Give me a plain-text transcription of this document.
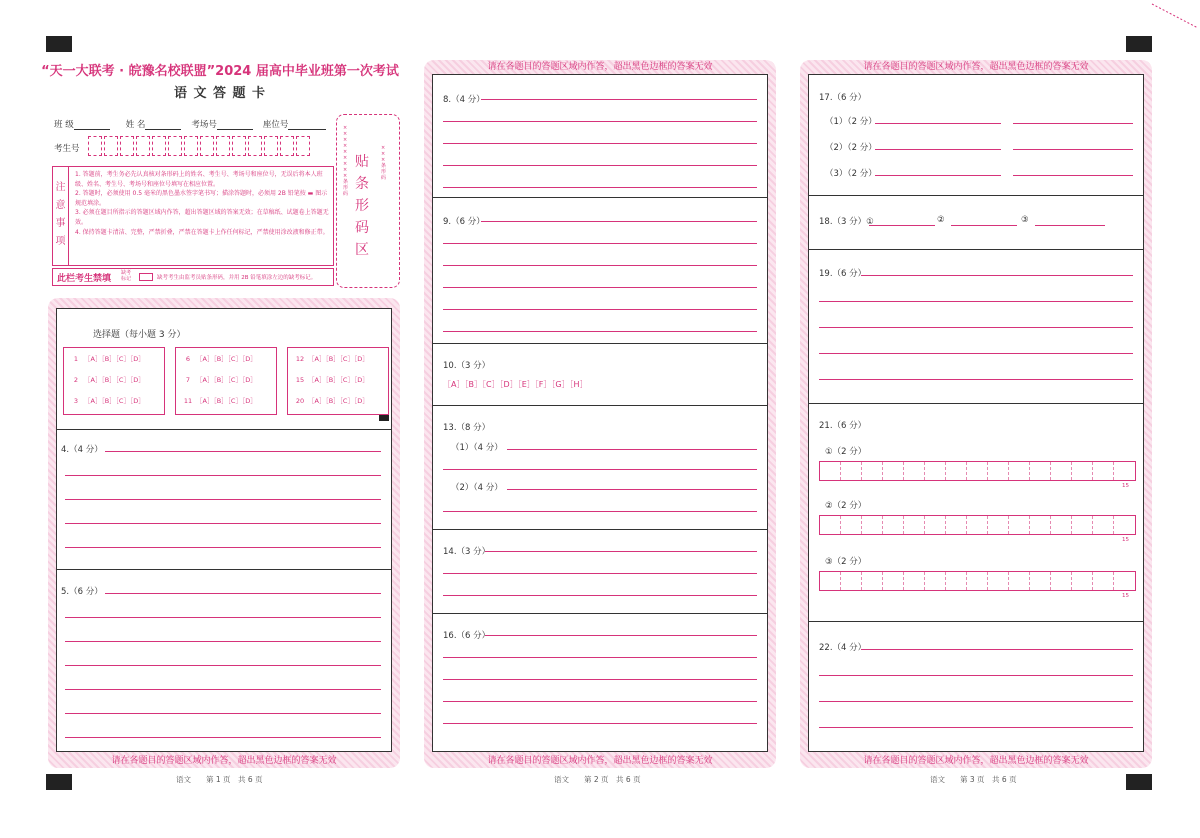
“天一大联考 · 皖豫名校联盟”2024 届高中毕业班第一次考试
语 文 答 题 卡
班 级	姓 名	考场号	座位号
考生号
贴
条
形
码
区
××××××××× 条形码
××× 条形码
注
意
事
项
1. 答题前，考生务必先认真核对条形码上的姓名、考生号、考场号和座位号，无误后将本人班级、姓名、考生号、考场号和座位号填写在相应位置。
2. 答题时，必须使用 0.5 毫米的黑色墨水签字笔书写；描涂答题时，必须用 2B 铅笔按 ▬ 图示规范填涂。
3. 必须在题目所指示的答题区域内作答，超出答题区域的答案无效；在草稿纸、试题卷上答题无效。
4. 保持答题卡清洁、完整，严禁折叠，严禁在答题卡上作任何标记，严禁使用涂改液和修正带。
此栏考生禁填
缺考标记	缺考考生由监考员贴条形码，并用 2B 铅笔填涂左边的缺考标记。
请在各题目的答题区域内作答，超出黑色边框的答案无效
选择题（每小题 3 分）
1 ［A］［B］［C］［D］
2 ［A］［B］［C］［D］
3 ［A］［B］［C］［D］
6 ［A］［B］［C］［D］
7 ［A］［B］［C］［D］
11 ［A］［B］［C］［D］
12 ［A］［B］［C］［D］
15 ［A］［B］［C］［D］
20 ［A］［B］［C］［D］
4.（4 分）
5.（6 分）
语文　　第 1 页　共 6 页
请在各题目的答题区域内作答，超出黑色边框的答案无效
请在各题目的答题区域内作答，超出黑色边框的答案无效
8.（4 分）
9.（6 分）
10.（3 分）
［A］［B］［C］［D］［E］［F］［G］［H］
13.（8 分）
（1）（4 分）
（2）（4 分）
14.（3 分）
16.（6 分）
语文　　第 2 页　共 6 页
请在各题目的答题区域内作答，超出黑色边框的答案无效
请在各题目的答题区域内作答，超出黑色边框的答案无效
17.（6 分）
（1）（2 分）
（2）（2 分）
（3）（2 分）
18.（3 分）①	②	③
19.（6 分）
21.（6 分）
①（2 分）
15
②（2 分）
15
③（2 分）
15
22.（4 分）
语文　　第 3 页　共 6 页
